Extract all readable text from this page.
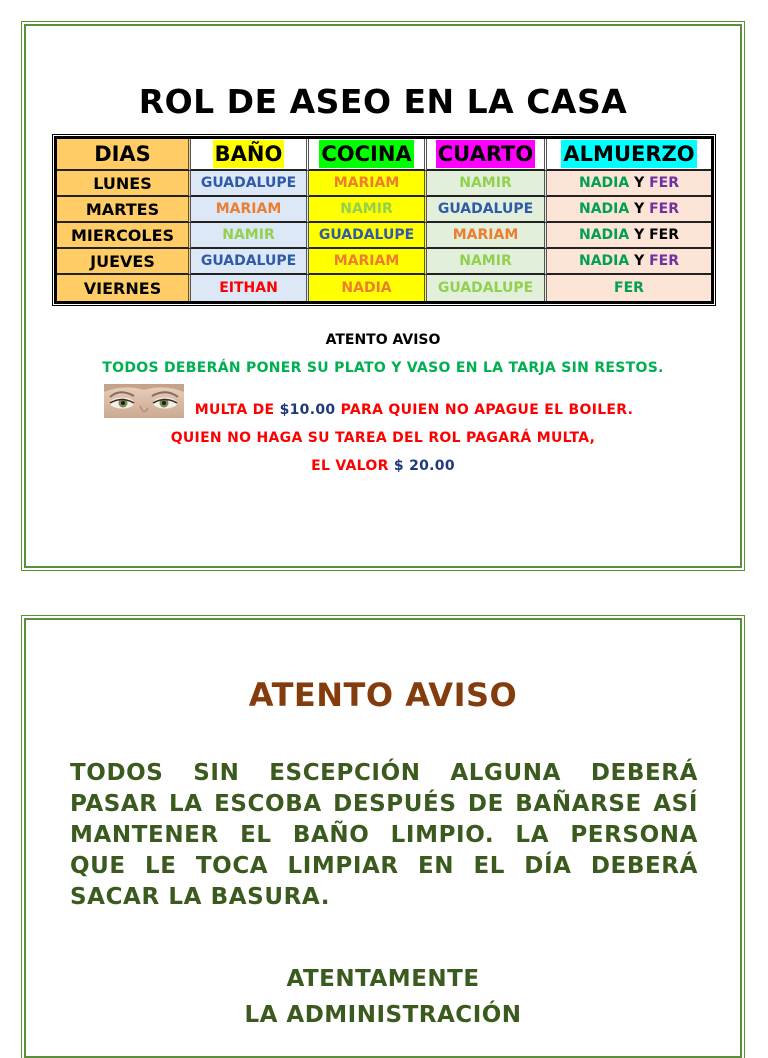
ROL DE ASEO EN LA CASA
DIAS	BAÑO COCINA CUARTO ALMUERZO
LUNES	GUADALUPE	MARIAM	NAMIR	NADIA Y FER
MARTES	MARIAM	NAMIR	GUADALUPE	NADIA Y FER
MIERCOLES	NAMIR	GUADALUPE	MARIAM	NADIA Y FER
JUEVES	GUADALUPE	MARIAM	NAMIR	NADIA Y FER
VIERNES	EITHAN	NADIA	GUADALUPE	FER
ATENTO AVISO
TODOS DEBERÁN PONER SU PLATO Y VASO EN LA TARJA SIN RESTOS.
MULTA DE $10.00 PARA QUIEN NO APAGUE EL BOILER.
QUIEN NO HAGA SU TAREA DEL ROL PAGARÁ MULTA,
EL VALOR $ 20.00
ATENTO AVISO
TODOS SIN ESCEPCIÓN ALGUNA DEBERÁ PASAR LA ESCOBA DESPUÉS DE BAÑARSE ASÍ MANTENER EL BAÑO LIMPIO. LA PERSONA QUE LE TOCA LIMPIAR EN EL DÍA DEBERÁ SACAR LA BASURA.
ATENTAMENTE
LA ADMINISTRACIÓN
